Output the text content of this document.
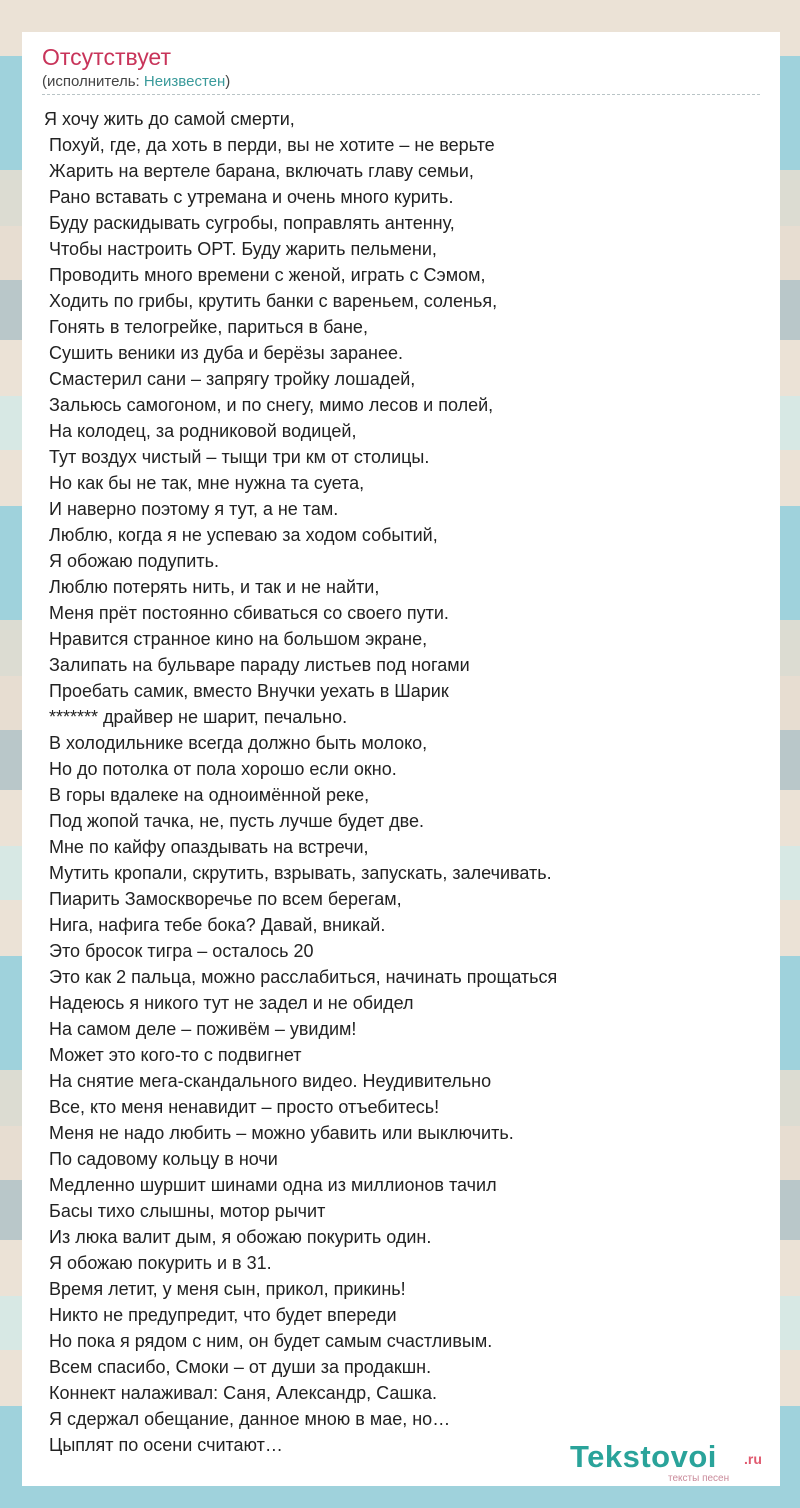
Отсутствует
(исполнитель: Неизвестен)
Я хочу жить до самой смерти,
Похуй, где, да хоть в перди, вы не хотите – не верьте
Жарить на вертеле барана, включать главу семьи,
Рано вставать с утремана и очень много курить.
Буду раскидывать сугробы, поправлять антенну,
Чтобы настроить ОРТ. Буду жарить пельмени,
Проводить много времени с женой, играть с Сэмом,
Ходить по грибы, крутить банки с вареньем, соленья,
Гонять в телогрейке, париться в бане,
Сушить веники из дуба и берёзы заранее.
Смастерил сани – запрягу тройку лошадей,
Зальюсь самогоном, и по снегу, мимо лесов и полей,
На колодец, за родниковой водицей,
Тут воздух чистый – тыщи три км от столицы.
Но как бы не так, мне нужна та суета,
И наверно поэтому я тут, а не там.
Люблю, когда я не успеваю за ходом событий,
Я обожаю подупить.
Люблю потерять нить, и так и не найти,
Меня прёт постоянно сбиваться со своего пути.
Нравится странное кино на большом экране,
Залипать на бульваре параду листьев под ногами
Проебать самик, вместо Внучки уехать в Шарик
******* драйвер не шарит, печально.
В холодильнике всегда должно быть молоко,
Но до потолка от пола хорошо если окно.
В горы вдалеке на одноимённой реке,
Под жопой тачка, не, пусть лучше будет две.
Мне по кайфу опаздывать на встречи,
Мутить кропали, скрутить, взрывать, запускать, залечивать.
Пиарить Замоскворечье по всем берегам,
Нига, нафига тебе бока? Давай, вникай.
Это бросок тигра – осталось 20
Это как 2 пальца, можно расслабиться, начинать прощаться
Надеюсь я никого тут не задел и не обидел
На самом деле – поживём – увидим!
Может это кого-то с подвигнет
На снятие мега-скандального видео. Неудивительно
Все, кто меня ненавидит – просто отъебитесь!
Меня не надо любить – можно убавить или выключить.
По садовому кольцу в ночи
Медленно шуршит шинами одна из миллионов тачил
Басы тихо слышны, мотор рычит
Из люка валит дым, я обожаю покурить один.
Я обожаю покурить и в 31.
Время летит, у меня сын, прикол, прикинь!
Никто не предупредит, что будет впереди
Но пока я рядом с ним, он будет самым счастливым.
Всем спасибо, Смоки – от души за продакшн.
Коннект налаживал: Саня, Александр, Сашка.
Я сдержал обещание, данное мною в мае, но…
Цыплят по осени считают…	Tekstovoi .ru
тексты песен
